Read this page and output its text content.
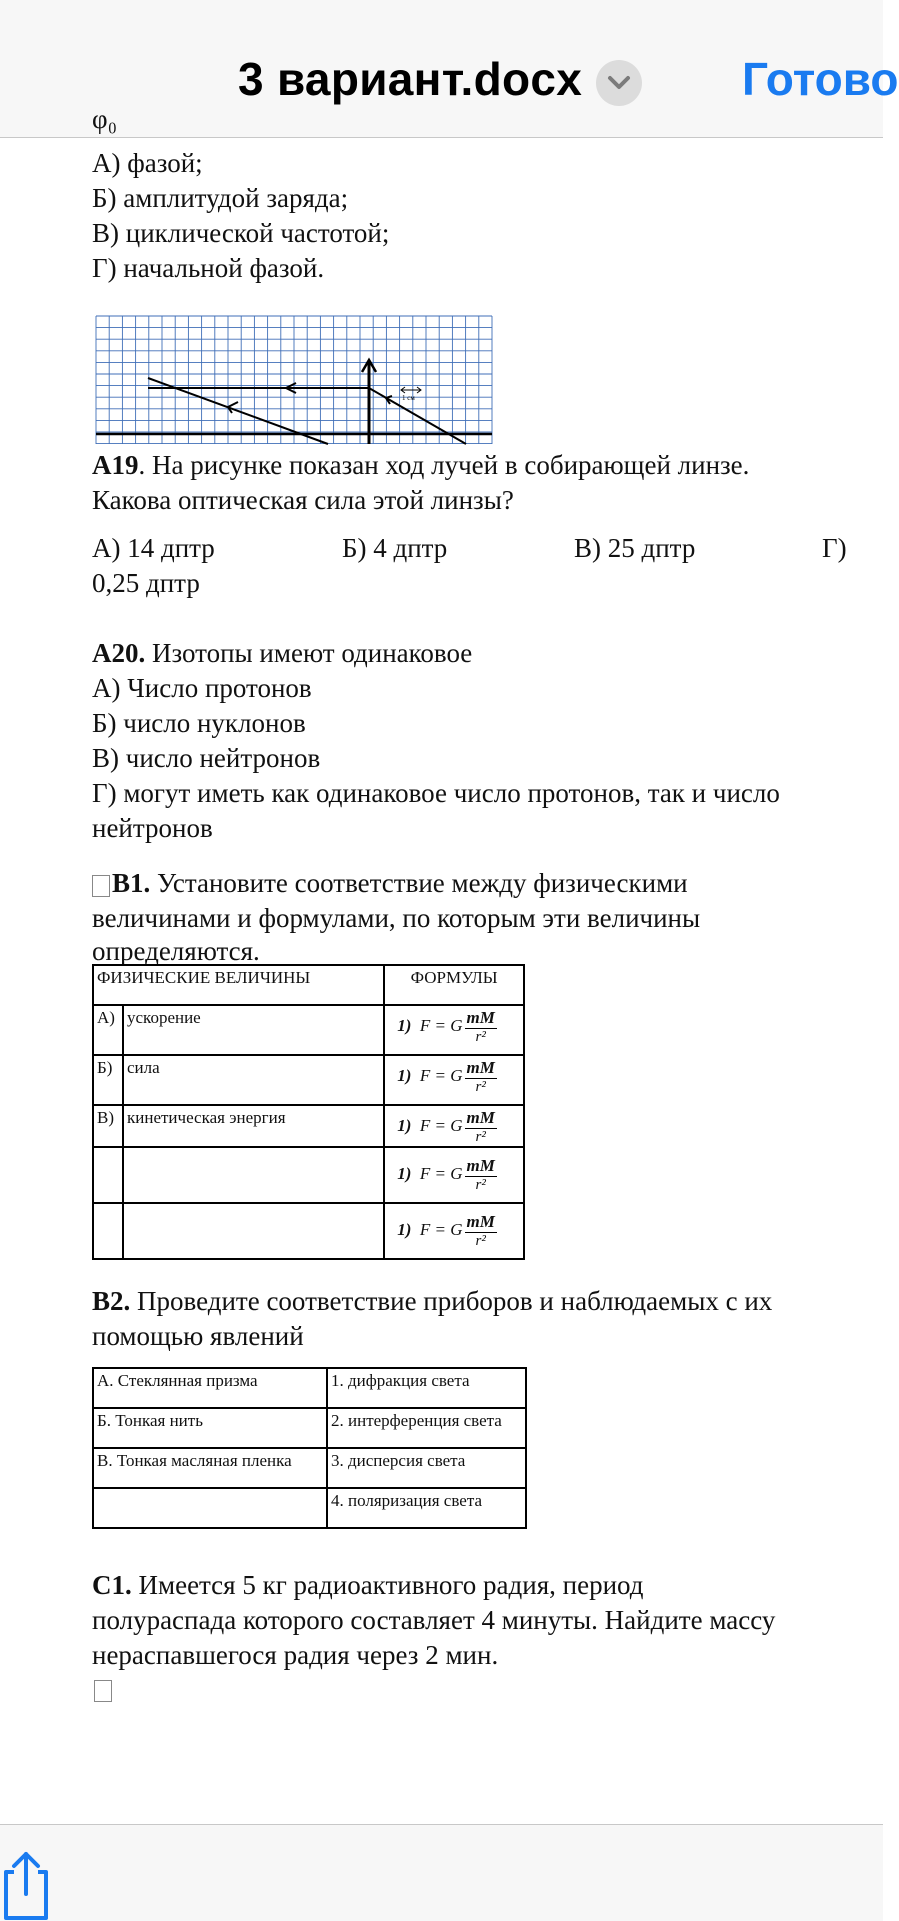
3 вариант.docx	Готово
φ₀
А) фазой;
Б) амплитудой заряда;
В) циклической частотой;
Г) начальной фазой.
1 см
А19. На рисунке показан ход лучей в собирающей линзе.
Какова оптическая сила этой линзы?
А) 14 дптр	Б) 4 дптр	В) 25 дптр	Г)
0,25 дптр
А20. Изотопы имеют одинаковое
А) Число протонов
Б) число нуклонов
В) число нейтронов
Г) могут иметь как одинаковое число протонов, так и число
нейтронов
В1. Установите соответствие между физическими
величинами и формулами, по которым эти величины
определяются.
ФИЗИЧЕСКИЕ ВЕЛИЧИНЫ		ФОРМУЛЫ
А)	ускорение	1) F = G $\frac{mM}{\text{r²}}$

Б)	сила	1) F = G $\frac{mM}{\text{r²}}$

В)	кинетическая энергия	1) F = G $\frac{mM}{\text{r²}}$

		1) F = G $\frac{mM}{\text{r²}}$

		1) F = G $\frac{mM}{\text{r²}}$
В2. Проведите соответствие приборов и наблюдаемых с их
помощью явлений
А. Стеклянная призма	1. дифракция света
Б. Тонкая нить	2. интерференция света
В. Тонкая масляная пленка	3. дисперсия света
	4. поляризация света
С1. Имеется 5 кг радиоактивного радия, период
полураспада которого составляет 4 минуты. Найдите массу
нераспавшегося радия через 2 мин.
